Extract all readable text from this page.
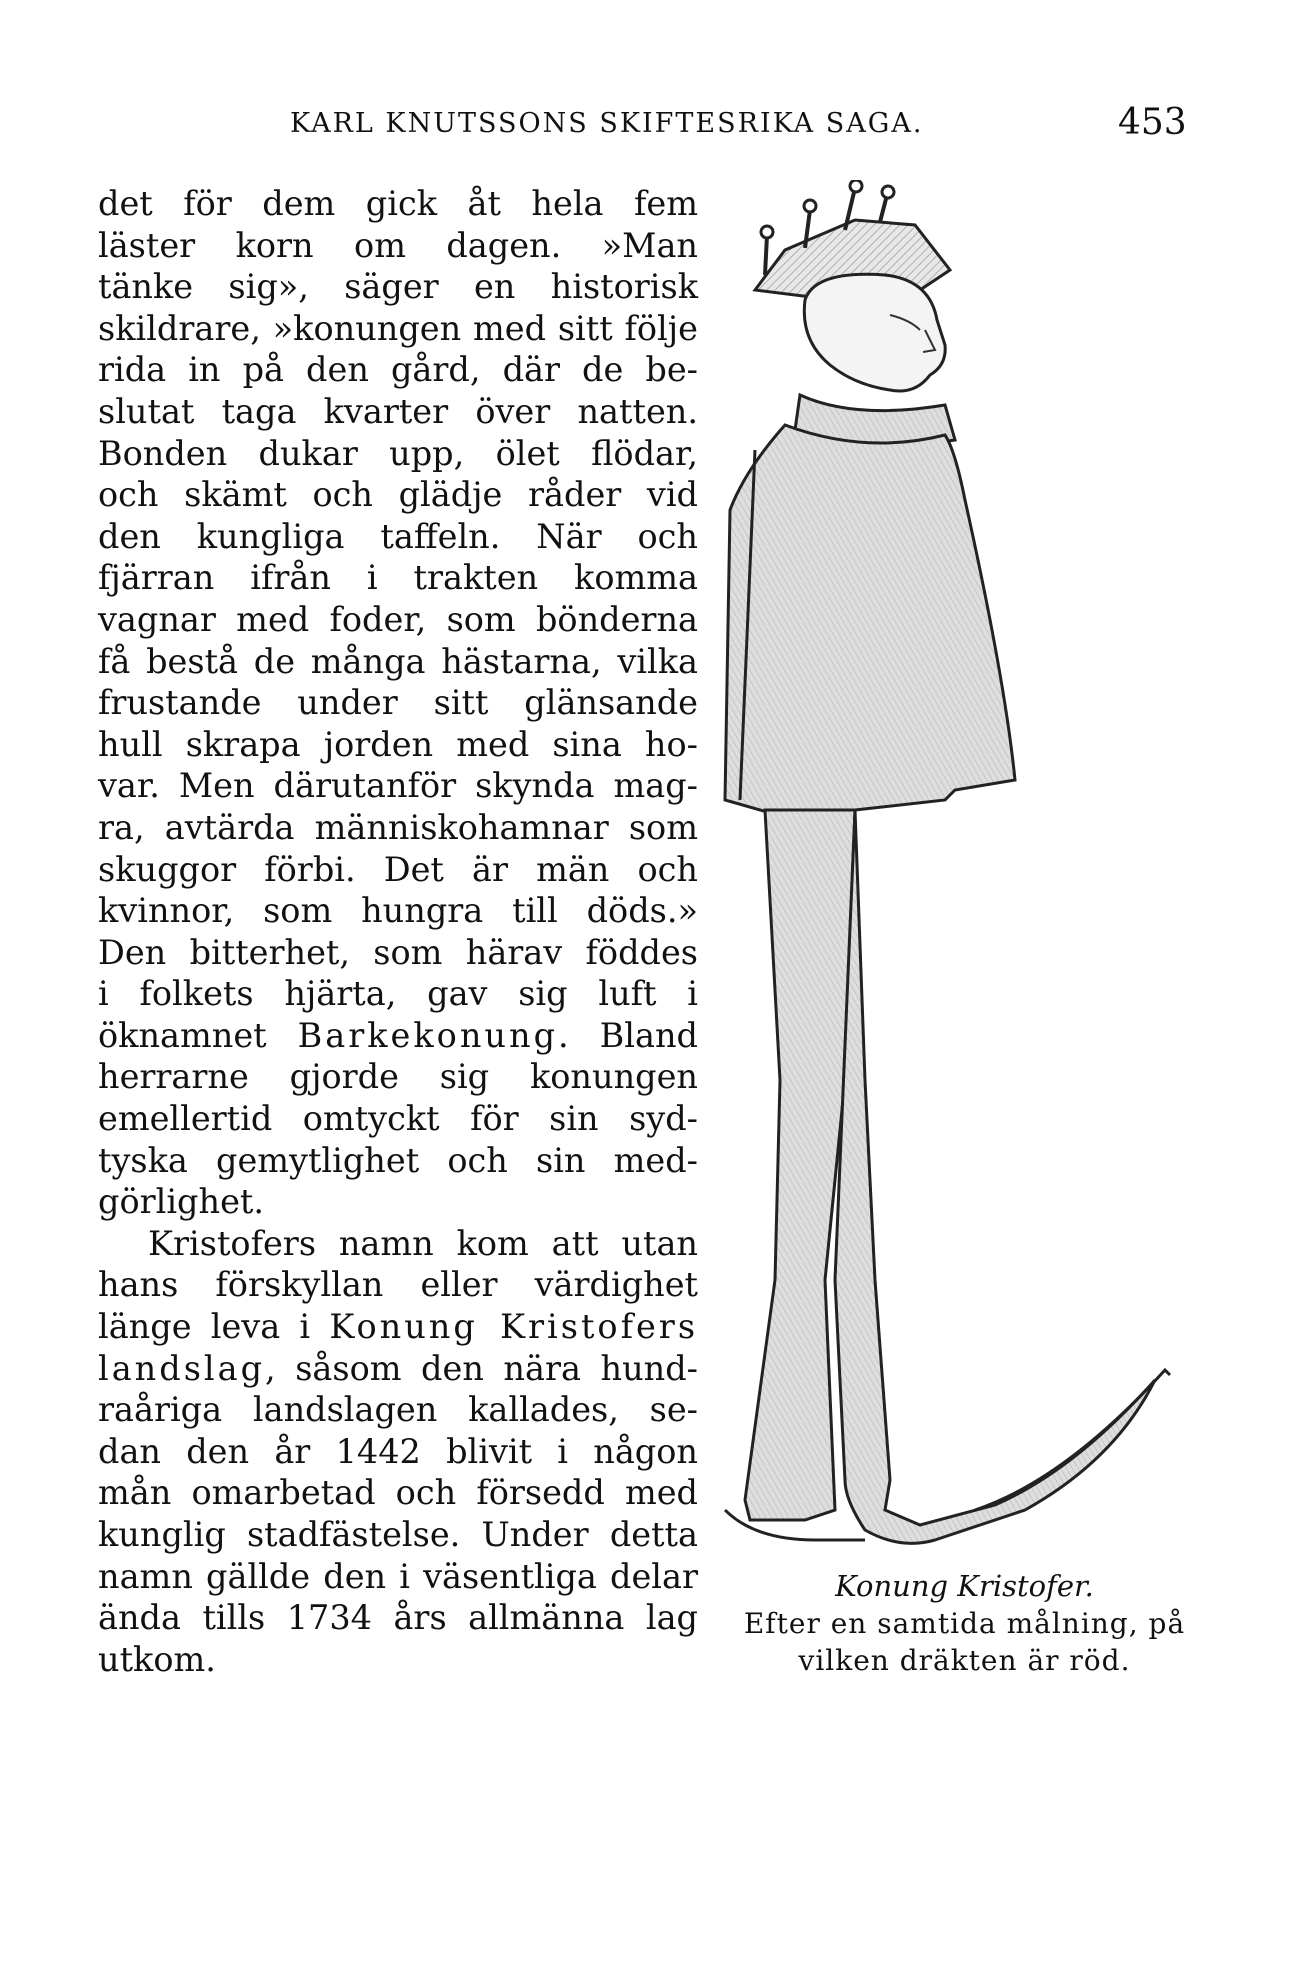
KARL KNUTSSONS SKIFTESRIKA SAGA.	453

det för dem gick åt hela fem

läster korn om dagen. »Man

tänke sig», säger en historisk

skildrare, »konungen med sitt följe

rida in på den gård, där de be-

slutat taga kvarter över natten.

Bonden dukar upp, ölet flödar,

och skämt och glädje råder vid

den kungliga taffeln. När och

fjärran ifrån i trakten komma

vagnar med foder, som bönderna

få bestå de många hästarna, vilka

frustande under sitt glänsande

hull skrapa jorden med sina ho-

var. Men därutanför skynda mag-

ra, avtärda människohamnar som

skuggor förbi. Det är män och

kvinnor, som hungra till döds.»

Den bitterhet, som härav föddes

i folkets hjärta, gav sig luft i

öknamnet Barkekonung. Bland

herrarne gjorde sig konungen

emellertid omtyckt för sin syd-

tyska gemytlighet och sin med-

görlighet.

Kristofers namn kom att utan

hans förskyllan eller värdighet

länge leva i Konung Kristofers

landslag, såsom den nära hund-

raåriga landslagen kallades, se-

dan den år 1442 blivit i någon

mån omarbetad och försedd med

kunglig stadfästelse. Under detta

namn gällde den i väsentliga delar

ända tills 1734 års allmänna lag

utkom.

Konung Kristofer.
Efter en samtida målning, på
vilken dräkten är röd.
